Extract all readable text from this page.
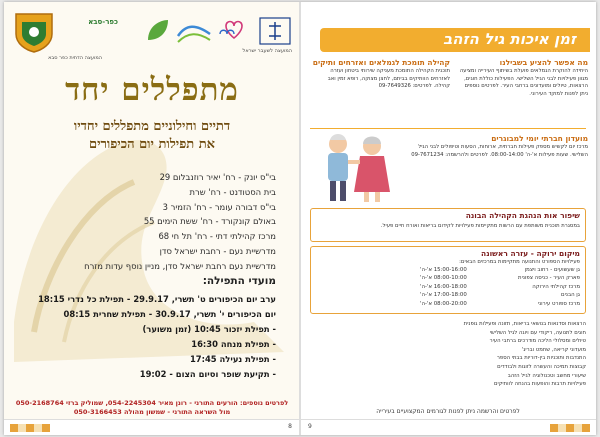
כפר-סבא
המועצה הדתית כפר סבא
המועצה לשעבר ישראל
מתפללים יחד
דתיים וחילוניים מתפללים יחדיו
את תפילות יום הכיפורים
בי"ס יונק - רח' יאיר רוזנבלום 29
בית הסטודנט - רח' שרת
בי"ס דבורה עומר - רח' הזמיר 3
באולם קונקורד - רח' ששת הימים 55
מרכז קהילתי דתי - רח' תל חי 68
מדרשיית נעם - רחבת ישראל סדן
מדרשיית נעם רחבת ישראל סדן, מניין נוסף עדות מזרח
מועדי התפילה:
ערב יום הכיפורים ט' תשרי, 29.9.17 - תפילת כל נדרי 18:15
יום הכיפורים י' תשרי, 30.9.17 - תפילת שחרית 08:15
- תפילת יזכור 10:45 (זמן משוער)
- תפילת מנחה 16:30
- תפילת נעילה 17:45
- תקיעת שופר וסיום הצום - 19:02
לפרטים נוספים: הורעים התורני - רונן מאיר 054-2245304, שמוליק ברזי 050-2168764
מול השראה התורני - שמשון מהולה 050-3166453
8
זמן איכות גיל הזהב
מה אפשר להציע בשבילנו
היחידה להוקרת הגמלאים פועלת בשיתוף העירייה ומציעה מגוון פעילויות לבני הגיל השלישי. הפעילות כוללת חוגים, הרצאות, טיולים ומועדונים ברחבי העיר. לפרטים נוספים ניתן לפנות למוקד העירוני.
קהילה תומכת לגמלאים ואזרחים ותיקים
תוכנית הקהילה התומכת מעניקה שירותי ביטחון ועזרה לאזרחים הוותיקים בביתם, לחצן מצוקה, רופא זמין ואב קהילה. לפרטים: 09-7649326
מועדון חברתי יומי למבוגרים
מרכז יום לקשיש מספק פעילות חברתית, ארוחות, הסעות וטיפולים לבני הגיל השלישי. שעות פעילות א'-ה' 08:00-14:00. לפרטים ולהרשמה: 09-7671234
שיפור אות הנהגת הקהילה הבונה
במסגרת תוכנית משותפת עם הרשות מתקיימות פעילויות לקידום בריאות ואורח חיים פעיל.
מיקום ירוקה - עזרה ראשונה
פעילויות הספורט והתנועה מתקיימות במרכזים הבאים:
גן שעשועים - רחוב ויצמן
15:00-16:00 א'-ה'
פארק העיר - כניסה צפונית
08:00-10:00 א'-ה'
מרכז קהילתי הירוקה
16:00-18:00 א'-ה'
גן הבנים
17:00-18:00 א'-ה'
מרכז ספורט עירוני
08:00-20:00 א'-ה'
הרצאות וסדנאות בנושאי בריאות, תזונה ופעילות גופנית
חוגים לתנועה, ריקודי עם ויוגה לגיל השלישי
טיולים ומסלולי הליכה מודרכים ברחבי העיר
מועדוני קריאה, שחמט ובריג'
התנדבות ותוכניות בין-דוריות בבתי הספר
קבוצות תמיכה והעשרה לזוגות ולבודדים
שיעורי מחשב וטכנולוגיה לגיל הזהב
פעילויות תרבות והופעות בהנחה לוותיקים
לפרטים והרשמה ניתן לפנות לגורמים המקצועיים בעירייה
9
